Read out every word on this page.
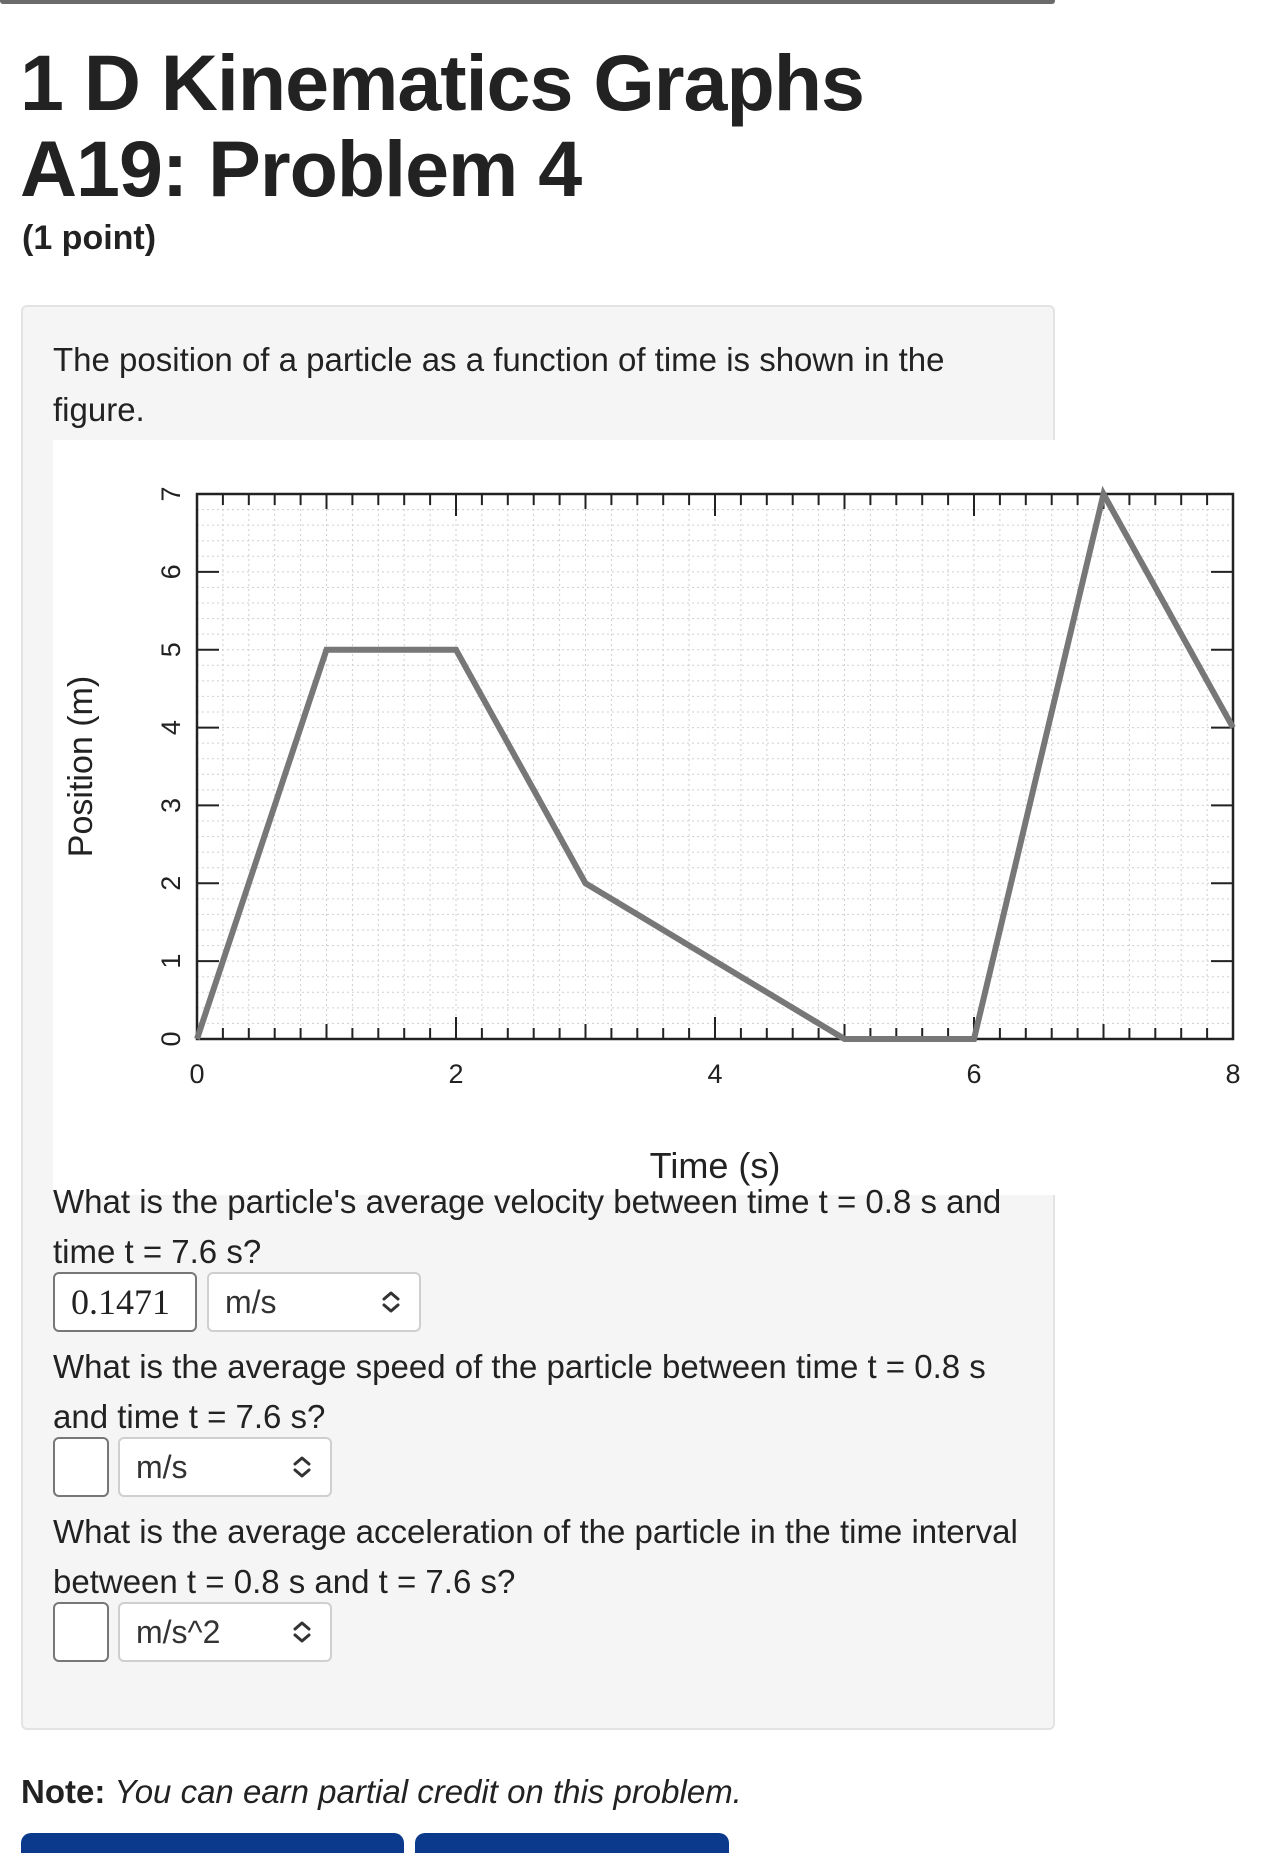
1 D Kinematics Graphs A19: Problem 4
(1 point)
The position of a particle as a function of time is shown in the figure.
0	2	4	6	8
0
1
2
3
4
5
6
7
Time (s)
Position (m)
What is the particle's average velocity between time t = 0.8 s and time t = 7.6 s?
0.1471	m/s
What is the average speed of the particle between time t = 0.8 s and time t = 7.6 s?
m/s
What is the average acceleration of the particle in the time interval between t = 0.8 s and t = 7.6 s?
m/s^2
Note: You can earn partial credit on this problem.
